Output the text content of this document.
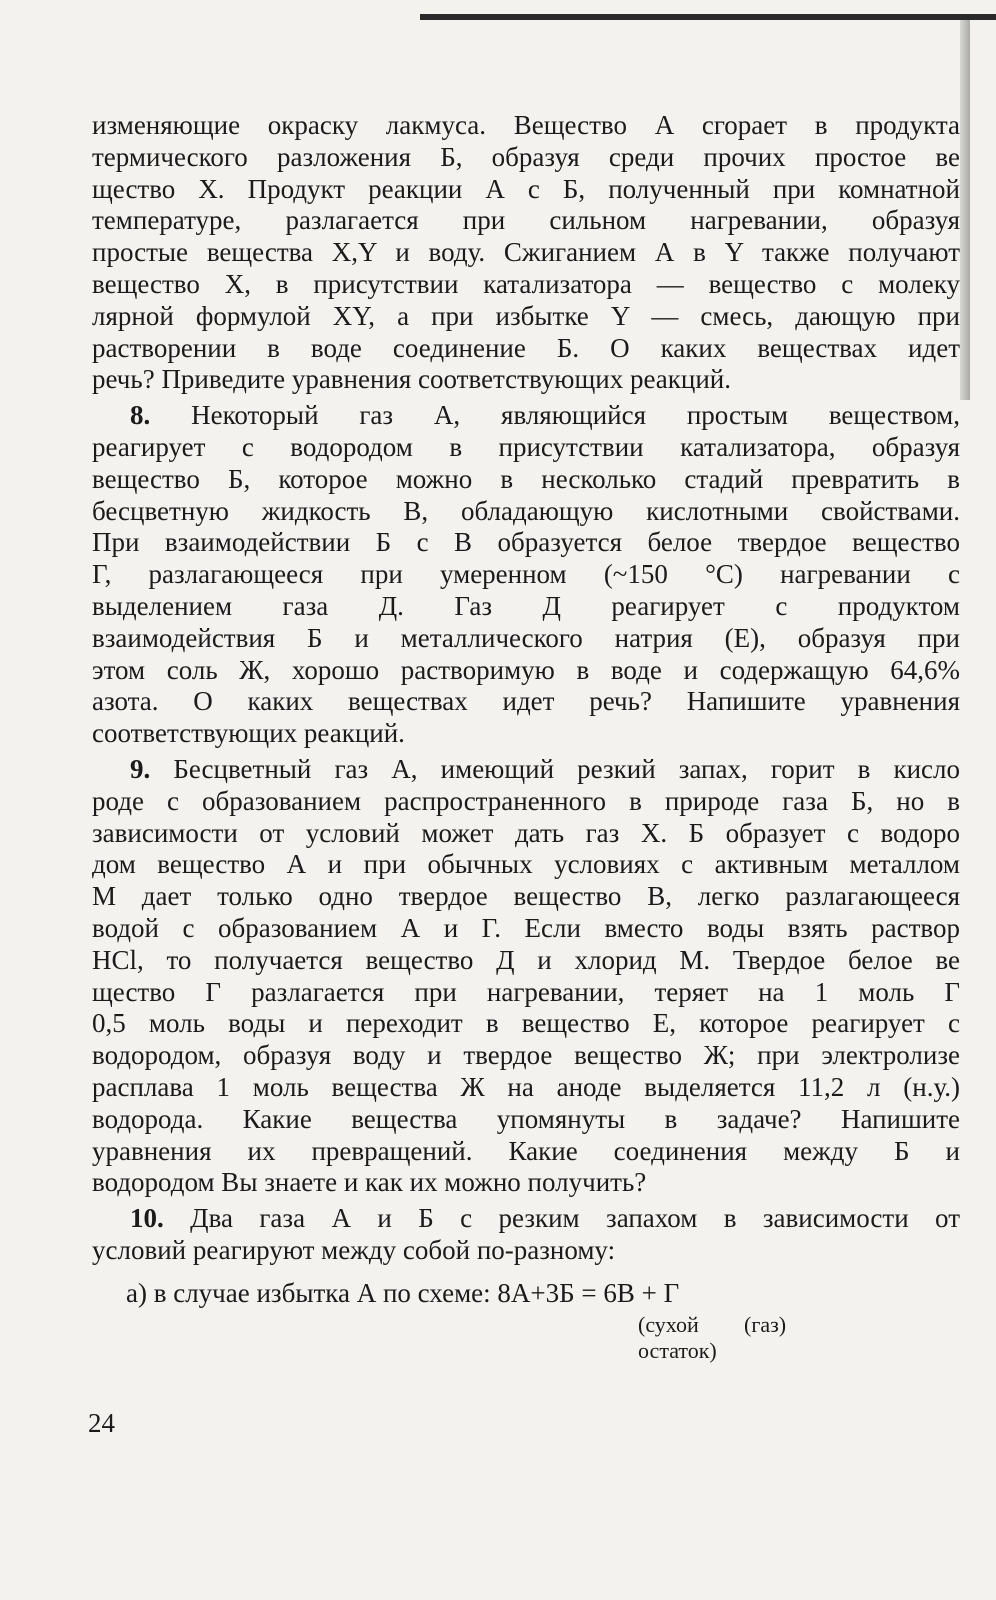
изменяющие окраску лакмуса. Вещество А сгорает в продукта
термического разложения Б, образуя среди прочих простое ве
щество X. Продукт реакции А с Б, полученный при комнатной
температуре, разлагается при сильном нагревании, образуя
простые вещества X,Y и воду. Сжиганием А в Y также получают
вещество X, в присутствии катализатора — вещество с молеку
лярной формулой XY, а при избытке Y — смесь, дающую при
растворении в воде соединение Б. О каких веществах идет
речь? Приведите уравнения соответствующих реакций.
8. Некоторый газ А, являющийся простым веществом,
реагирует с водородом в присутствии катализатора, образуя
вещество Б, которое можно в несколько стадий превратить в
бесцветную жидкость В, обладающую кислотными свойствами.
При взаимодействии Б с В образуется белое твердое вещество
Г, разлагающееся при умеренном (~150 °С) нагревании с
выделением газа Д. Газ Д реагирует с продуктом
взаимодействия Б и металлического натрия (Е), образуя при
этом соль Ж, хорошо растворимую в воде и содержащую 64,6%
азота. О каких веществах идет речь? Напишите уравнения
соответствующих реакций.
9. Бесцветный газ А, имеющий резкий запах, горит в кисло
роде с образованием распространенного в природе газа Б, но в
зависимости от условий может дать газ X. Б образует с водоро
дом вещество А и при обычных условиях с активным металлом
М дает только одно твердое вещество В, легко разлагающееся
водой с образованием А и Г. Если вместо воды взять раствор
HCl, то получается вещество Д и хлорид М. Твердое белое ве
щество Г разлагается при нагревании, теряет на 1 моль Г
0,5 моль воды и переходит в вещество Е, которое реагирует с
водородом, образуя воду и твердое вещество Ж; при электролизе
расплава 1 моль вещества Ж на аноде выделяется 11,2 л (н.у.)
водорода. Какие вещества упомянуты в задаче? Напишите
уравнения их превращений. Какие соединения между Б и
водородом Вы знаете и как их можно получить?
10. Два газа А и Б с резким запахом в зависимости от
условий реагируют между собой по-разному:
а) в случае избытка А по схеме: 8А+3Б = 6В + Г
(сухой
остаток)
(газ)
24
